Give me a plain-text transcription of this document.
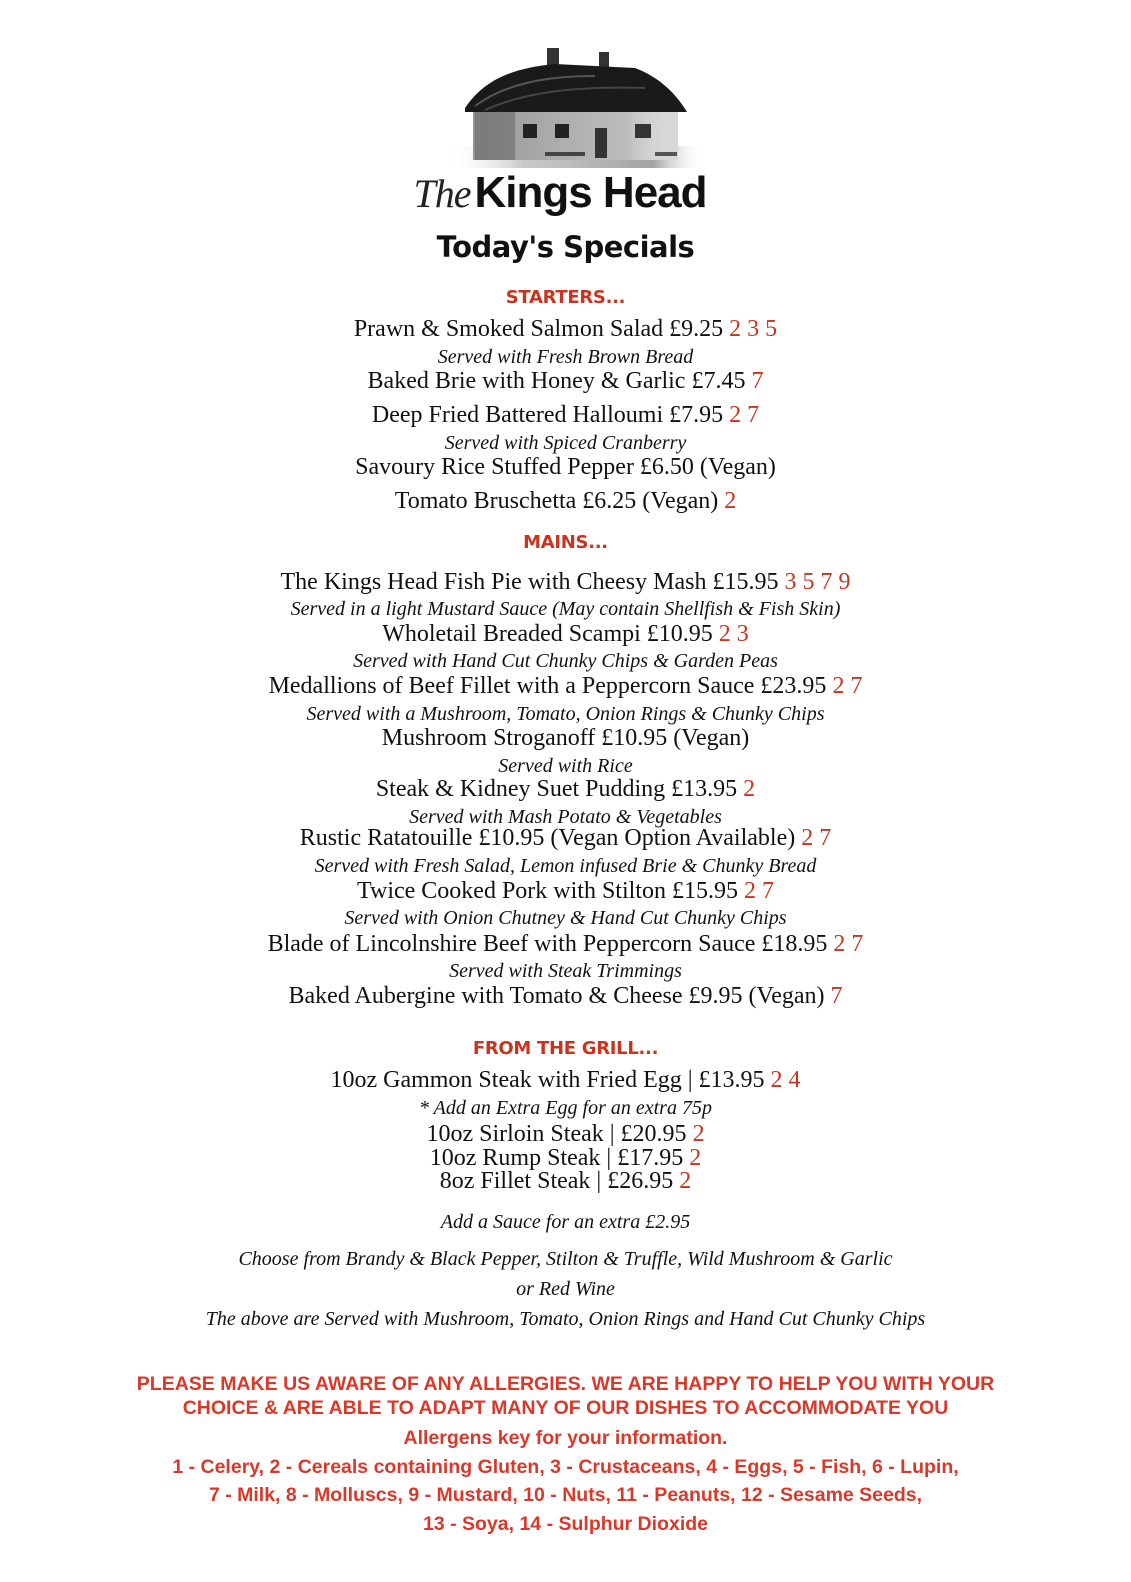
The Kings Head
Today's Specials
STARTERS...
Prawn & Smoked Salmon Salad £9.25 2 3 5
Served with Fresh Brown Bread
Baked Brie with Honey & Garlic £7.45 7
Deep Fried Battered Halloumi £7.95 2 7
Served with Spiced Cranberry
Savoury Rice Stuffed Pepper £6.50 (Vegan)
Tomato Bruschetta £6.25 (Vegan) 2
MAINS...
The Kings Head Fish Pie with Cheesy Mash £15.95 3 5 7 9
Served in a light Mustard Sauce (May contain Shellfish & Fish Skin)
Wholetail Breaded Scampi £10.95 2 3
Served with Hand Cut Chunky Chips & Garden Peas
Medallions of Beef Fillet with a Peppercorn Sauce £23.95 2 7
Served with a Mushroom, Tomato, Onion Rings & Chunky Chips
Mushroom Stroganoff £10.95 (Vegan)
Served with Rice
Steak & Kidney Suet Pudding £13.95 2
Served with Mash Potato & Vegetables
Rustic Ratatouille £10.95 (Vegan Option Available) 2 7
Served with Fresh Salad, Lemon infused Brie & Chunky Bread
Twice Cooked Pork with Stilton £15.95 2 7
Served with Onion Chutney & Hand Cut Chunky Chips
Blade of Lincolnshire Beef with Peppercorn Sauce £18.95 2 7
Served with Steak Trimmings
Baked Aubergine with Tomato & Cheese £9.95 (Vegan) 7
FROM THE GRILL...
10oz Gammon Steak with Fried Egg | £13.95 2 4
* Add an Extra Egg for an extra 75p
10oz Sirloin Steak | £20.95 2
10oz Rump Steak | £17.95 2
8oz Fillet Steak | £26.95 2
Add a Sauce for an extra £2.95
Choose from Brandy & Black Pepper, Stilton & Truffle, Wild Mushroom & Garlic
or Red Wine
The above are Served with Mushroom, Tomato, Onion Rings and Hand Cut Chunky Chips
PLEASE MAKE US AWARE OF ANY ALLERGIES. WE ARE HAPPY TO HELP YOU WITH YOUR
CHOICE & ARE ABLE TO ADAPT MANY OF OUR DISHES TO ACCOMMODATE YOU
Allergens key for your information.
1 - Celery, 2 - Cereals containing Gluten, 3 - Crustaceans, 4 - Eggs, 5 - Fish, 6 - Lupin,
7 - Milk, 8 - Molluscs, 9 - Mustard, 10 - Nuts, 11 - Peanuts, 12 - Sesame Seeds,
13 - Soya, 14 - Sulphur Dioxide
